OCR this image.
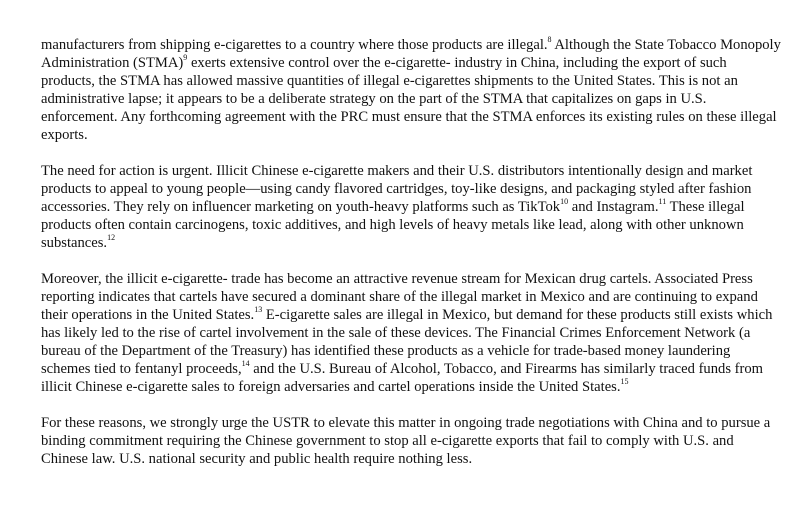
manufacturers from shipping e-cigarettes to a country where those products are illegal.$^8$ Although the State Tobacco Monopoly Administration (STMA)$^9$ exerts extensive control over the e-cigarette- industry in China, including the export of such products, the STMA has allowed massive quantities of illegal e-cigarettes shipments to the United States. This is not an administrative lapse; it appears to be a deliberate strategy on the part of the STMA that capitalizes on gaps in U.S. enforcement. Any forthcoming agreement with the PRC must ensure that the STMA enforces its existing rules on these illegal exports.

The need for action is urgent. Illicit Chinese e-cigarette makers and their U.S. distributors intentionally design and market products to appeal to young people—using candy flavored cartridges, toy-like designs, and packaging styled after fashion accessories. They rely on influencer marketing on youth-heavy platforms such as TikTok$^{10}$ and Instagram.$^{11}$ These illegal products often contain carcinogens, toxic additives, and high levels of heavy metals like lead, along with other unknown substances.$^{12}$

Moreover, the illicit e-cigarette- trade has become an attractive revenue stream for Mexican drug cartels. Associated Press reporting indicates that cartels have secured a dominant share of the illegal market in Mexico and are continuing to expand their operations in the United States.$^{13}$ E-cigarette sales are illegal in Mexico, but demand for these products still exists which has likely led to the rise of cartel involvement in the sale of these devices. The Financial Crimes Enforcement Network (a bureau of the Department of the Treasury) has identified these products as a vehicle for trade-based money laundering schemes tied to fentanyl proceeds,$^{14}$ and the U.S. Bureau of Alcohol, Tobacco, and Firearms has similarly traced funds from illicit Chinese e-cigarette sales to foreign adversaries and cartel operations inside the United States.$^{15}$

For these reasons, we strongly urge the USTR to elevate this matter in ongoing trade negotiations with China and to pursue a binding commitment requiring the Chinese government to stop all e-cigarette exports that fail to comply with U.S. and Chinese law. U.S. national security and public health require nothing less.
